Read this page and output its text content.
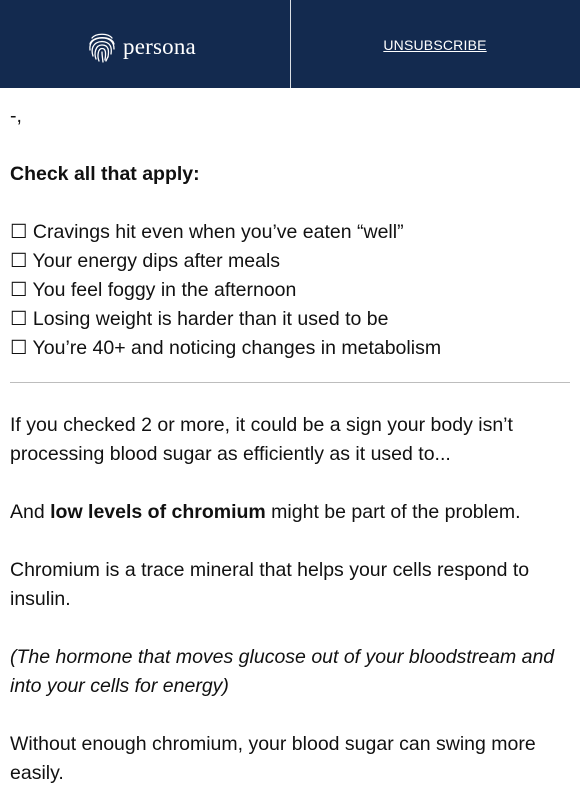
persona	UNSUBSCRIBE

-,

Check all that apply:

☐ Cravings hit even when you’ve eaten “well”

☐ Your energy dips after meals

☐ You feel foggy in the afternoon

☐ Losing weight is harder than it used to be

☐ You’re 40+ and noticing changes in metabolism

If you checked 2 or more, it could be a sign your body isn’t processing blood sugar as efficiently as it used to...

And low levels of chromium might be part of the problem.

Chromium is a trace mineral that helps your cells respond to insulin.

(The hormone that moves glucose out of your bloodstream and into your cells for energy)

Without enough chromium, your blood sugar can swing more easily.
